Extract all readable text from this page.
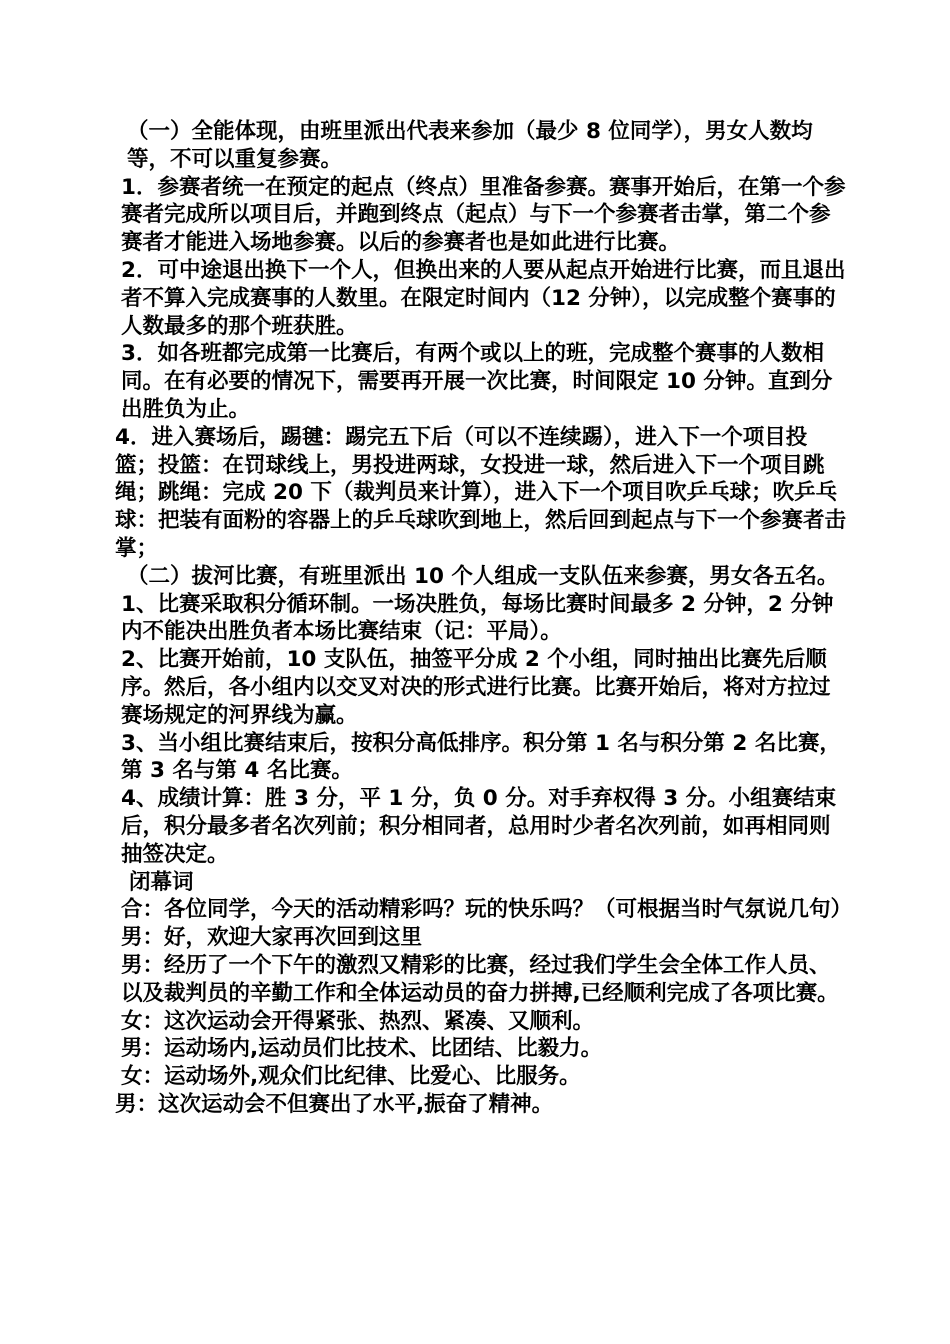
（一）全能体现，由班里派出代表来参加（最少 8 位同学），男女人数均等，不可以重复参赛。

1．参赛者统一在预定的起点（终点）里准备参赛。赛事开始后，在第一个参赛者完成所以项目后，并跑到终点（起点）与下一个参赛者击掌，第二个参赛者才能进入场地参赛。以后的参赛者也是如此进行比赛。

2．可中途退出换下一个人，但换出来的人要从起点开始进行比赛，而且退出者不算入完成赛事的人数里。在限定时间内（12 分钟），以完成整个赛事的人数最多的那个班获胜。

3．如各班都完成第一比赛后，有两个或以上的班，完成整个赛事的人数相同。在有必要的情况下，需要再开展一次比赛，时间限定 10 分钟。直到分出胜负为止。

4．进入赛场后，踢毽：踢完五下后（可以不连续踢），进入下一个项目投篮；投篮：在罚球线上，男投进两球，女投进一球，然后进入下一个项目跳绳；跳绳：完成 20 下（裁判员来计算），进入下一个项目吹乒乓球；吹乒乓球：把装有面粉的容器上的乒乓球吹到地上，然后回到起点与下一个参赛者击掌；

（二）拔河比赛，有班里派出 10 个人组成一支队伍来参赛，男女各五名。

1、比赛采取积分循环制。一场决胜负，每场比赛时间最多 2 分钟，2 分钟内不能决出胜负者本场比赛结束（记：平局）。

2、比赛开始前，10 支队伍，抽签平分成 2 个小组，同时抽出比赛先后顺序。然后，各小组内以交叉对决的形式进行比赛。比赛开始后，将对方拉过赛场规定的河界线为赢。

3、当小组比赛结束后，按积分高低排序。积分第 1 名与积分第 2 名比赛，第 3 名与第 4 名比赛。

4、成绩计算：胜 3 分，平 1 分，负 0 分。对手弃权得 3 分。小组赛结束后，积分最多者名次列前；积分相同者，总用时少者名次列前，如再相同则抽签决定。

闭幕词

合：各位同学，今天的活动精彩吗？玩的快乐吗？（可根据当时气氛说几句）

男：好，欢迎大家再次回到这里

男：经历了一个下午的激烈又精彩的比赛，经过我们学生会全体工作人员、以及裁判员的辛勤工作和全体运动员的奋力拼搏,已经顺利完成了各项比赛。

女：这次运动会开得紧张、热烈、紧凑、又顺利。

男：运动场内,运动员们比技术、比团结、比毅力。

女：运动场外,观众们比纪律、比爱心、比服务。

男：这次运动会不但赛出了水平,振奋了精神。
